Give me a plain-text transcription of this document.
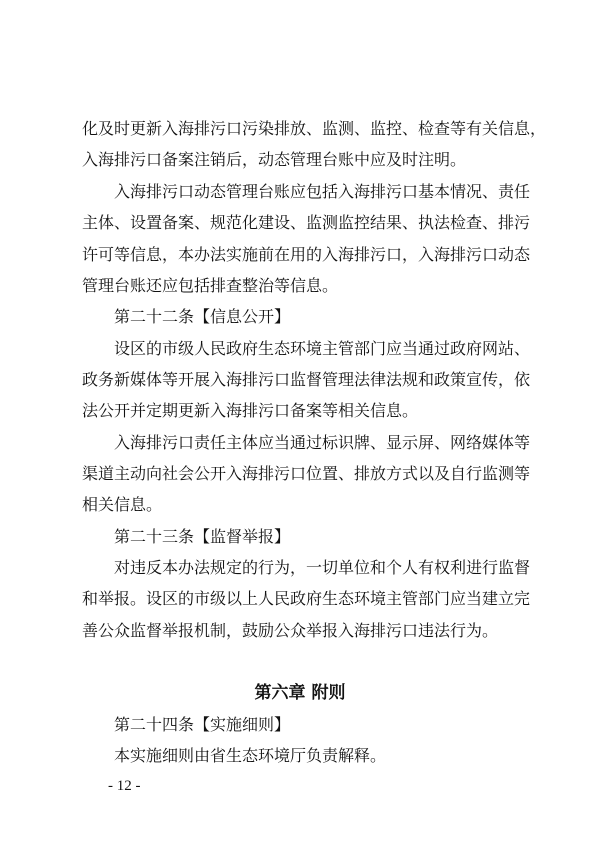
化及时更新入海排污口污染排放、监测、监控、检查等有关信息，
入海排污口备案注销后，动态管理台账中应及时注明。
入海排污口动态管理台账应包括入海排污口基本情况、责任
主体、设置备案、规范化建设、监测监控结果、执法检查、排污
许可等信息，本办法实施前在用的入海排污口，入海排污口动态
管理台账还应包括排查整治等信息。
第二十二条【信息公开】
设区的市级人民政府生态环境主管部门应当通过政府网站、
政务新媒体等开展入海排污口监督管理法律法规和政策宣传，依
法公开并定期更新入海排污口备案等相关信息。
入海排污口责任主体应当通过标识牌、显示屏、网络媒体等
渠道主动向社会公开入海排污口位置、排放方式以及自行监测等
相关信息。
第二十三条【监督举报】
对违反本办法规定的行为，一切单位和个人有权利进行监督
和举报。设区的市级以上人民政府生态环境主管部门应当建立完
善公众监督举报机制，鼓励公众举报入海排污口违法行为。
第六章 附则
第二十四条【实施细则】
本实施细则由省生态环境厅负责解释。
- 12 -
